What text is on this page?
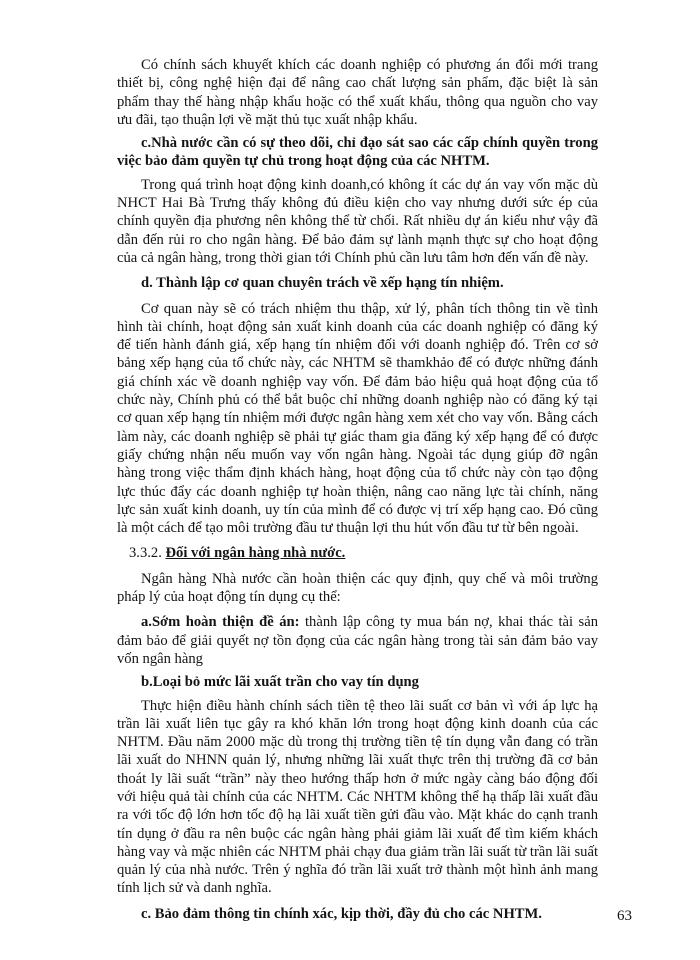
Có chính sách khuyết khích các doanh nghiệp có phương án đổi mới trang thiết bị, công nghệ hiện đại để nâng cao chất lượng sản phẩm, đặc biệt là sản phẩm thay thế hàng nhập khẩu hoặc có thể xuất khẩu, thông qua nguồn cho vay ưu đãi, tạo thuận lợi về mặt thủ tục xuất nhập khẩu.

c.Nhà nước cần có sự theo dõi, chỉ đạo sát sao các cấp chính quyền trong việc bảo đảm quyền tự chủ trong hoạt động của các NHTM.

Trong quá trình hoạt động kinh doanh,có không ít các dự án vay vốn mặc dù NHCT Hai Bà Trưng thấy không đủ điều kiện cho vay nhưng dưới sức ép của chính quyền địa phương nên không thể từ chối. Rất nhiều dự án kiểu như vậy đã dẫn đến rủi ro cho ngân hàng. Để bảo đảm sự lành mạnh thực sự cho hoạt động của cả ngân hàng, trong thời gian tới Chính phủ cần lưu tâm hơn đến vấn đề này.

d. Thành lập cơ quan chuyên trách về xếp hạng tín nhiệm.

Cơ quan này sẽ có trách nhiệm thu thập, xử lý, phân tích thông tin về tình hình tài chính, hoạt động sản xuất kinh doanh của các doanh nghiệp có đăng ký để tiến hành đánh giá, xếp hạng tín nhiệm đối với doanh nghiệp đó. Trên cơ sở bảng xếp hạng của tổ chức này, các NHTM sẽ thamkhảo để có được những đánh giá chính xác về doanh nghiệp vay vốn. Để đảm bảo hiệu quả hoạt động của tổ chức này, Chính phủ có thể bắt buộc chỉ những doanh nghiệp nào có đăng ký tại cơ quan xếp hạng tín nhiệm mới được ngân hàng xem xét cho vay vốn. Bằng cách làm này, các doanh nghiệp sẽ phải tự giác tham gia đăng ký xếp hạng để có được giấy chứng nhận nếu muốn vay vốn ngân hàng. Ngoài tác dụng giúp đỡ ngân hàng trong việc thẩm định khách hàng, hoạt động của tổ chức này còn tạo động lực thúc đẩy các doanh nghiệp tự hoàn thiện, nâng cao năng lực tài chính, năng lực sản xuất kinh doanh, uy tín của mình để có được vị trí xếp hạng cao. Đó cũng là một cách để tạo môi trường đầu tư thuận lợi thu hút vốn đầu tư từ bên ngoài.

3.3.2. Đối với ngân hàng nhà nước.

Ngân hàng Nhà nước cần hoàn thiện các quy định, quy chế và môi trường pháp lý của hoạt động tín dụng cụ thể:

a.Sớm hoàn thiện đề án: thành lập công ty mua bán nợ, khai thác tài sản đảm bảo để giải quyết nợ tồn đọng của các ngân hàng trong tài sản đảm bảo vay vốn ngân hàng

b.Loại bỏ mức lãi xuất trần cho vay tín dụng

Thực hiện điều hành chính sách tiền tệ theo lãi suất cơ bản vì với áp lực hạ trần lãi xuất liên tục gây ra khó khăn lớn trong hoạt động kinh doanh của các NHTM. Đầu năm 2000 mặc dù trong thị trường tiền tệ tín dụng vẫn đang có trần lãi xuất do NHNN quản lý, nhưng những lãi xuất thực trên thị trường đã cơ bản thoát ly lãi suất “trần” này theo hướng thấp hơn ở mức ngày càng báo động đối với hiệu quả tài chính của các NHTM. Các NHTM không thể hạ thấp lãi xuất đầu ra với tốc độ lớn hơn tốc độ hạ lãi xuất tiền gửi đầu vào. Mặt khác do cạnh tranh tín dụng ở đầu ra nên buộc các ngân hàng phải giảm lãi xuất để tìm kiếm khách hàng vay và mặc nhiên các NHTM phải chạy đua giảm trần lãi suất từ trần lãi suất quản lý của nhà nước. Trên ý nghĩa đó trần lãi xuất trở thành một hình ảnh mang tính lịch sử và danh nghĩa.

c. Bảo đảm thông tin chính xác, kịp thời, đầy đủ cho các NHTM.	63
